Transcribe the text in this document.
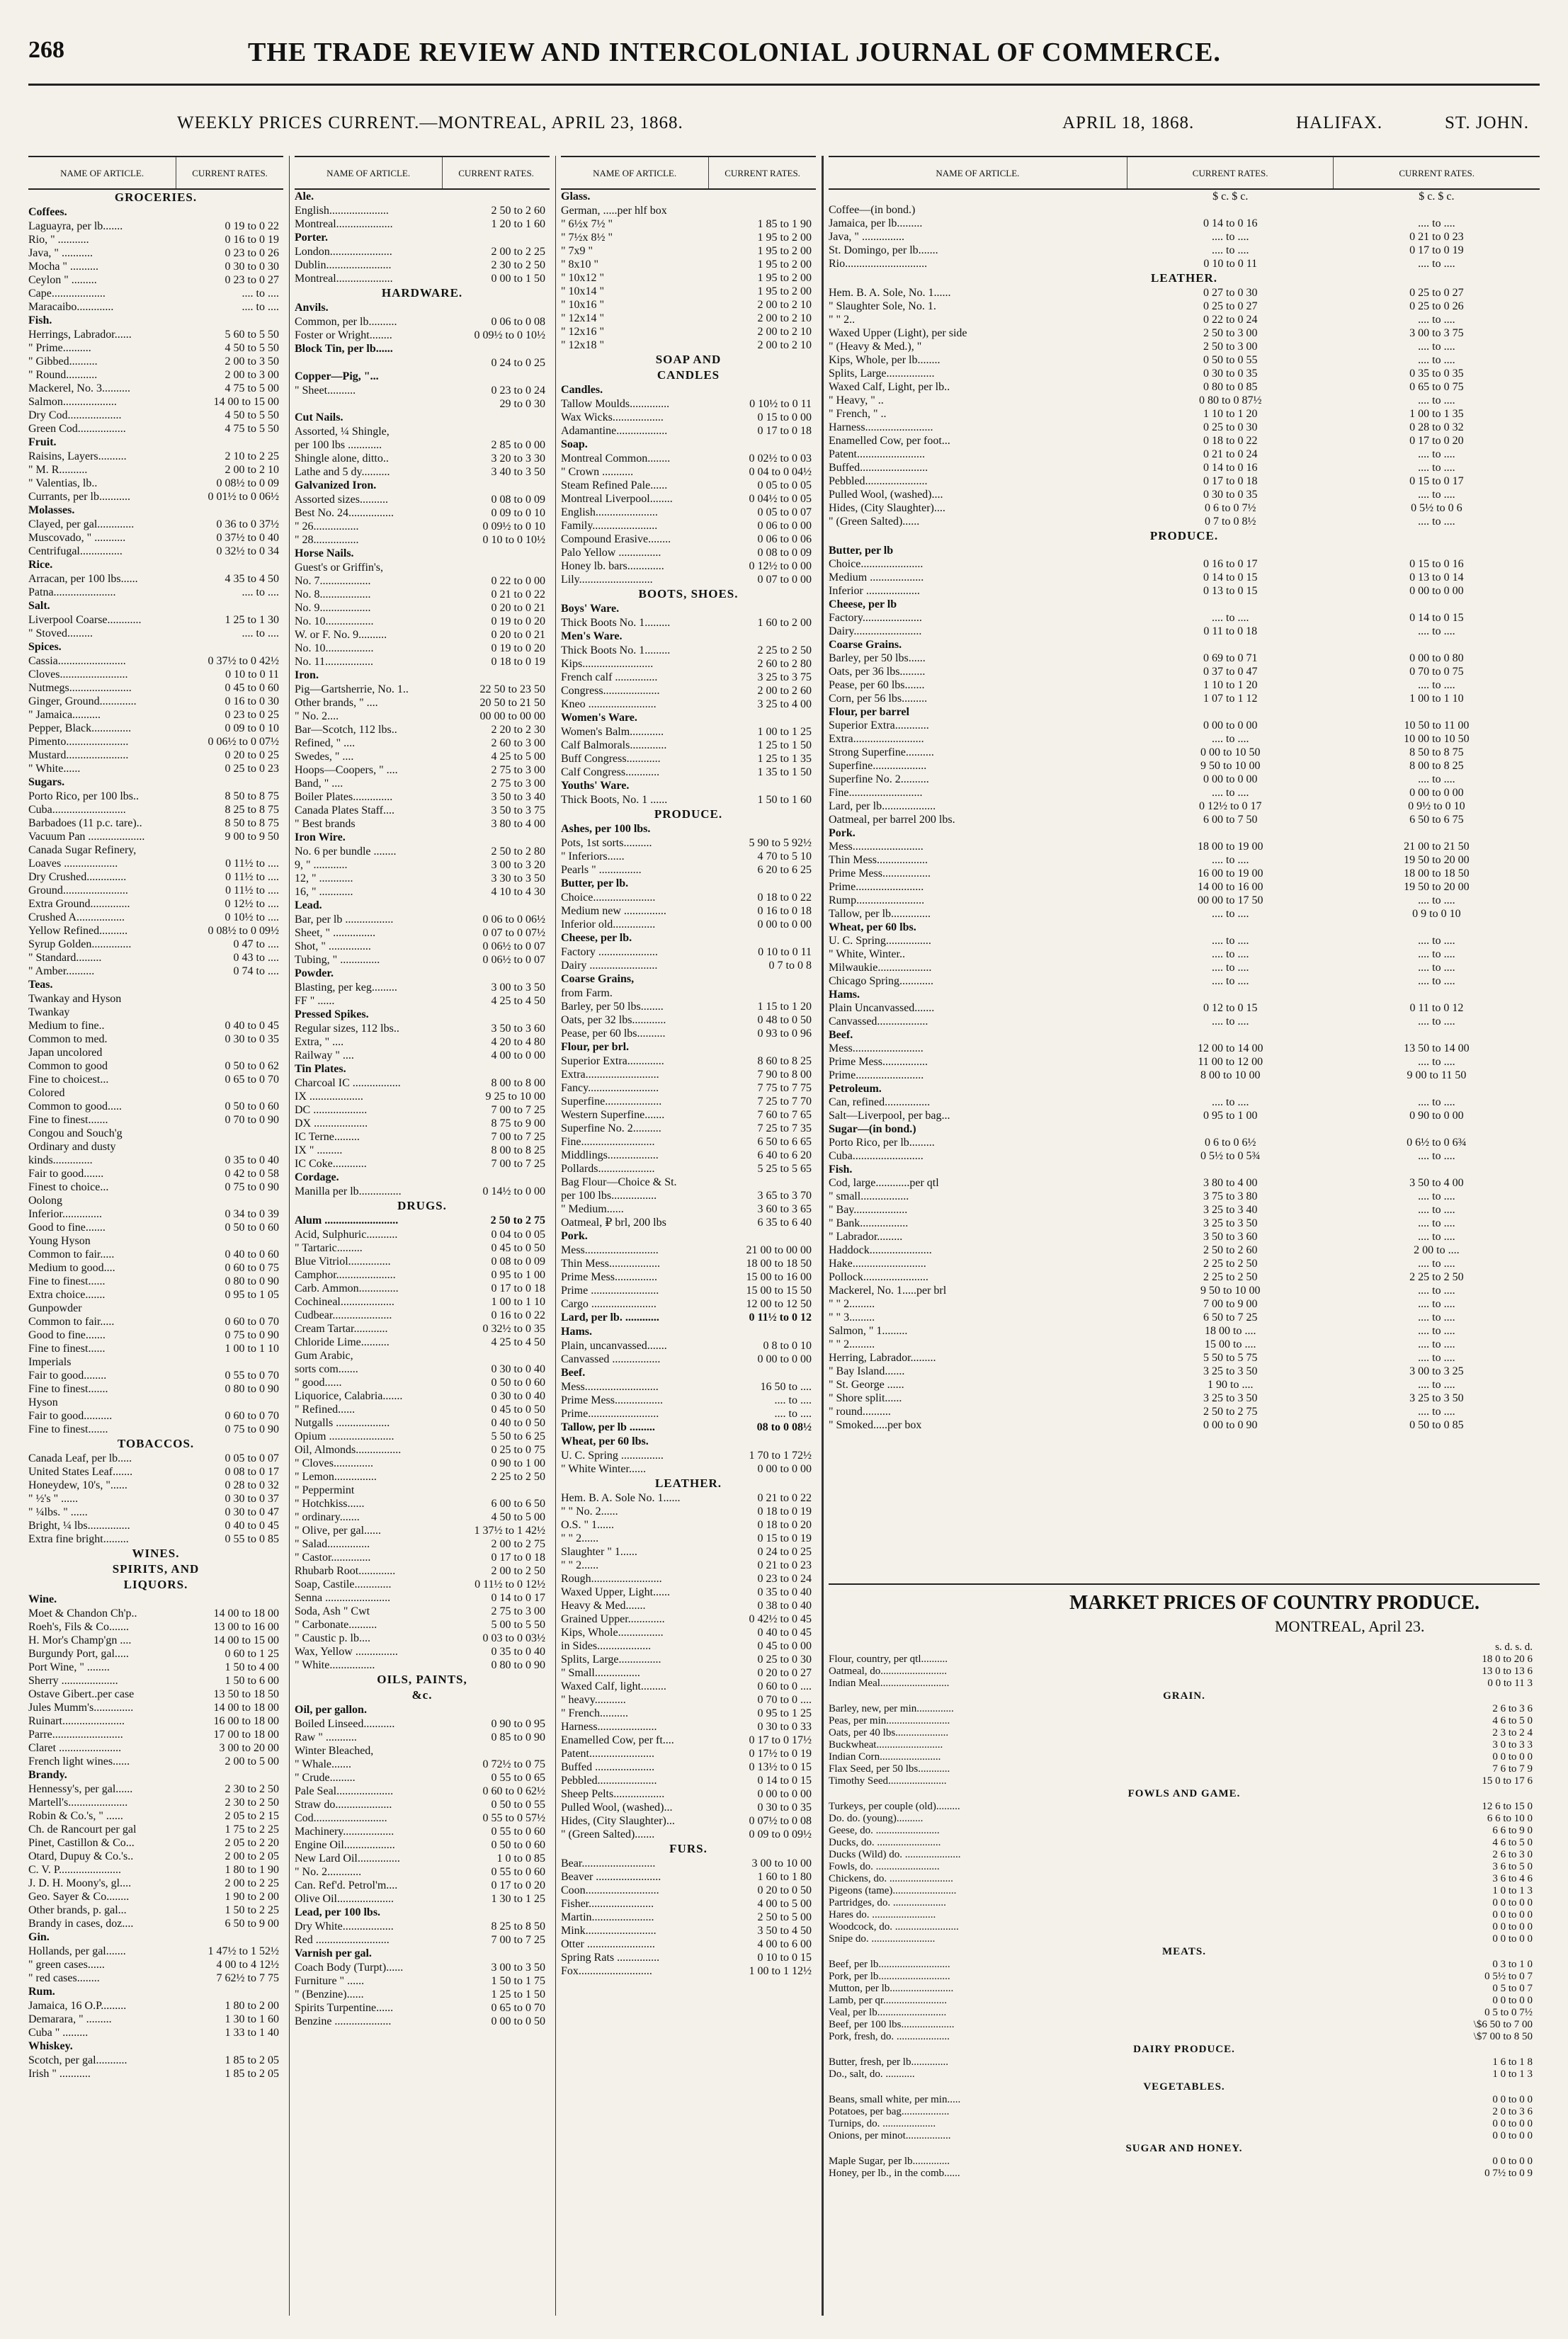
268	THE TRADE REVIEW AND INTERCOLONIAL JOURNAL OF COMMERCE.
WEEKLY PRICES CURRENT.—MONTREAL, APRIL 23, 1868.	APRIL 18, 1868.	HALIFAX.	ST. JOHN.
NAME OF ARTICLE.	CURRENT RATES.
GROCERIES.
Coffees.
Laguayra, per lb.......	0 19 to 0 22
Rio, " ...........	0 16 to 0 19
Java, " ...........	0 23 to 0 26
Mocha " ..........	0 30 to 0 30
Ceylon " .........	0 23 to 0 27
Cape...................	.... to ....
Maracaibo.............	.... to ....
Fish.
Herrings, Labrador......	5 60 to 5 50
" Prime..........	4 50 to 5 50
" Gibbed..........	2 00 to 3 50
" Round...........	2 00 to 3 00
Mackerel, No. 3..........	4 75 to 5 00
Salmon...................	14 00 to 15 00
Dry Cod...................	4 50 to 5 50
Green Cod.................	4 75 to 5 50
Fruit.
Raisins, Layers..........	2 10 to 2 25
" M. R..........	2 00 to 2 10
" Valentias, lb..	0 08½ to 0 09
Currants, per lb...........	0 01½ to 0 06½
Molasses.
Clayed, per gal.............	0 36 to 0 37½
Muscovado, " ...........	0 37½ to 0 40
Centrifugal...............	0 32½ to 0 34
Rice.
Arracan, per 100 lbs......	4 35 to 4 50
Patna......................	.... to ....
Salt.
Liverpool Coarse............	1 25 to 1 30
" Stoved.........	.... to ....
Spices.
Cassia........................	0 37½ to 0 42½
Cloves........................	0 10 to 0 11
Nutmegs......................	0 45 to 0 60
Ginger, Ground.............	0 16 to 0 30
" Jamaica..........	0 23 to 0 25
Pepper, Black..............	0 09 to 0 10
Pimento......................	0 06½ to 0 07½
Mustard......................	0 20 to 0 25
" White......	0 25 to 0 23
Sugars.
Porto Rico, per 100 lbs..	8 50 to 8 75
Cuba..........................	8 25 to 8 75
Barbadoes (11 p.c. tare)..	8 50 to 8 75
Vacuum Pan ....................	9 00 to 9 50
Canada Sugar Refinery,
Loaves ...................	0 11½ to ....
Dry Crushed..............	0 11½ to ....
Ground.......................	0 11½ to ....
Extra Ground..............	0 12½ to ....
Crushed A.................	0 10½ to ....
Yellow Refined..........	0 08½ to 0 09½
Syrup Golden..............	0 47 to ....
" Standard.........	0 43 to ....
" Amber..........	0 74 to ....
Teas.
Twankay and Hyson
Twankay
Medium to fine..	0 40 to 0 45
Common to med.	0 30 to 0 35
Japan uncolored
Common to good	0 50 to 0 62
Fine to choicest...	0 65 to 0 70
Colored
Common to good.....	0 50 to 0 60
Fine to finest.......	0 70 to 0 90
Congou and Souch'g
Ordinary and dusty
kinds..............	0 35 to 0 40
Fair to good.......	0 42 to 0 58
Finest to choice...	0 75 to 0 90
Oolong
Inferior..............	0 34 to 0 39
Good to fine.......	0 50 to 0 60
Young Hyson
Common to fair.....	0 40 to 0 60
Medium to good....	0 60 to 0 75
Fine to finest......	0 80 to 0 90
Extra choice.......	0 95 to 1 05
Gunpowder
Common to fair.....	0 60 to 0 70
Good to fine.......	0 75 to 0 90
Fine to finest......	1 00 to 1 10
Imperials
Fair to good........	0 55 to 0 70
Fine to finest.......	0 80 to 0 90
Hyson
Fair to good..........	0 60 to 0 70
Fine to finest.......	0 75 to 0 90
TOBACCOS.
Canada Leaf, per lb.....	0 05 to 0 07
United States Leaf.......	0 08 to 0 17
Honeydew, 10's, "......	0 28 to 0 32
" ½'s " ......	0 30 to 0 37
" ¼lbs. " ......	0 30 to 0 47
Bright, ¼ lbs...............	0 40 to 0 45
Extra fine bright.........	0 55 to 0 85
WINES.
SPIRITS, AND
LIQUORS.
Wine.
Moet & Chandon Ch'p..	14 00 to 18 00
Roeh's, Fils & Co.......	13 00 to 16 00
H. Mor's Champ'gn ....	14 00 to 15 00
Burgundy Port, gal.....	0 60 to 1 25
Port Wine, " ........	1 50 to 4 00
Sherry ....................	1 50 to 6 00
Ostave Gibert..per case	13 50 to 18 50
Jules Mumm's..............	14 00 to 18 00
Ruinart......................	16 00 to 18 00
Parre.........................	17 00 to 18 00
Claret ......................	3 00 to 20 00
French light wines......	2 00 to 5 00
Brandy.
Hennessy's, per gal......	2 30 to 2 50
Martell's.....................	2 30 to 2 50
Robin & Co.'s, " ......	2 05 to 2 15
Ch. de Rancourt per gal	1 75 to 2 25
Pinet, Castillon & Co...	2 05 to 2 20
Otard, Dupuy & Co.'s..	2 00 to 2 05
C. V. P......................	1 80 to 1 90
J. D. H. Moony's, gl....	2 00 to 2 25
Geo. Sayer & Co........	1 90 to 2 00
Other brands, p. gal...	1 50 to 2 25
Brandy in cases, doz....	6 50 to 9 00
Gin.
Hollands, per gal.......	1 47½ to 1 52½
" green cases......	4 00 to 4 12½
" red cases........	7 62½ to 7 75
Rum.
Jamaica, 16 O.P.........	1 80 to 2 00
Demarara, " .........	1 30 to 1 60
Cuba " .........	1 33 to 1 40
Whiskey.
Scotch, per gal...........	1 85 to 2 05
Irish " ...........	1 85 to 2 05
NAME OF ARTICLE.	CURRENT RATES.
Ale.
English.....................	2 50 to 2 60
Montreal....................	1 20 to 1 60
Porter.
London......................	2 00 to 2 25
Dublin.......................	2 30 to 2 50
Montreal....................	0 00 to 1 50
HARDWARE.
Anvils.
Common, per lb..........	0 06 to 0 08
Foster or Wright........	0 09½ to 0 10½
Block Tin, per lb......
0 24 to 0 25
Copper—Pig, "...
" Sheet..........	0 23 to 0 24
29 to 0 30
Cut Nails.
Assorted, ¼ Shingle,
per 100 lbs ............	2 85 to 0 00
Shingle alone, ditto..	3 20 to 3 30
Lathe and 5 dy..........	3 40 to 3 50
Galvanized Iron.
Assorted sizes..........	0 08 to 0 09
Best No. 24................	0 09 to 0 10
" 26................	0 09½ to 0 10
" 28................	0 10 to 0 10½
Horse Nails.
Guest's or Griffin's,
No. 7..................	0 22 to 0 00
No. 8..................	0 21 to 0 22
No. 9..................	0 20 to 0 21
No. 10.................	0 19 to 0 20
W. or F. No. 9..........	0 20 to 0 21
No. 10.................	0 19 to 0 20
No. 11.................	0 18 to 0 19
Iron.
Pig—Gartsherrie, No. 1..	22 50 to 23 50
Other brands, " ....	20 50 to 21 50
" No. 2....	00 00 to 00 00
Bar—Scotch, 112 lbs..	2 20 to 2 30
Refined, " ....	2 60 to 3 00
Swedes, " ....	4 25 to 5 00
Hoops—Coopers, " ....	2 75 to 3 00
Band, " ....	2 75 to 3 00
Boiler Plates..............	3 50 to 3 40
Canada Plates Staff....	3 50 to 3 75
" Best brands	3 80 to 4 00
Iron Wire.
No. 6 per bundle ........	2 50 to 2 80
9, " ............	3 00 to 3 20
12, " ............	3 30 to 3 50
16, " ............	4 10 to 4 30
Lead.
Bar, per lb .................	0 06 to 0 06½
Sheet, " ...............	0 07 to 0 07½
Shot, " ...............	0 06½ to 0 07
Tubing, " ..............	0 06½ to 0 07
Powder.
Blasting, per keg.........	3 00 to 3 50
FF " ......	4 25 to 4 50
Pressed Spikes.
Regular sizes, 112 lbs..	3 50 to 3 60
Extra, " ....	4 20 to 4 80
Railway " ....	4 00 to 0 00
Tin Plates.
Charcoal IC .................	8 00 to 8 00
IX ...................	9 25 to 10 00
DC ...................	7 00 to 7 25
DX ...................	8 75 to 9 00
IC Terne.........	7 00 to 7 25
IX " .........	8 00 to 8 25
IC Coke............	7 00 to 7 25
Cordage.
Manilla per lb...............	0 14½ to 0 00
DRUGS.
Alum ..........................	2 50 to 2 75
Acid, Sulphuric...........	0 04 to 0 05
" Tartaric.........	0 45 to 0 50
Blue Vitriol...............	0 08 to 0 09
Camphor.....................	0 95 to 1 00
Carb. Ammon..............	0 17 to 0 18
Cochineal...................	1 00 to 1 10
Cudbear.....................	0 16 to 0 22
Cream Tartar............	0 32½ to 0 35
Chloride Lime..........	4 25 to 4 50
Gum Arabic,
sorts com.......	0 30 to 0 40
" good......	0 50 to 0 60
Liquorice, Calabria.......	0 30 to 0 40
" Refined......	0 45 to 0 50
Nutgalls ...................	0 40 to 0 50
Opium .......................	5 50 to 6 25
Oil, Almonds................	0 25 to 0 75
" Cloves..............	0 90 to 1 00
" Lemon...............	2 25 to 2 50
" Peppermint
" Hotchkiss......	6 00 to 6 50
" ordinary.......	4 50 to 5 00
" Olive, per gal......	1 37½ to 1 42½
" Salad...............	2 00 to 2 75
" Castor..............	0 17 to 0 18
Rhubarb Root.............	2 00 to 2 50
Soap, Castile.............	0 11½ to 0 12½
Senna .......................	0 14 to 0 17
Soda, Ash " Cwt	2 75 to 3 00
" Carbonate..........	5 00 to 5 50
" Caustic p. lb....	0 03 to 0 03½
Wax, Yellow ...............	0 35 to 0 40
" White................	0 80 to 0 90
OILS, PAINTS,
&c.
Oil, per gallon.
Boiled Linseed...........	0 90 to 0 95
Raw " ...........	0 85 to 0 90
Winter Bleached,
" Whale.......	0 72½ to 0 75
" Crude.........	0 55 to 0 65
Pale Seal....................	0 60 to 0 62½
Straw do....................	0 50 to 0 55
Cod..........................	0 55 to 0 57½
Machinery..................	0 55 to 0 60
Engine Oil..................	0 50 to 0 60
New Lard Oil...............	1 0 to 0 85
" No. 2............	0 55 to 0 60
Can. Ref'd. Petrol'm....	0 17 to 0 20
Olive Oil....................	1 30 to 1 25
Lead, per 100 lbs.
Dry White..................	8 25 to 8 50
Red ..........................	7 00 to 7 25
Varnish per gal.
Coach Body (Turpt)......	3 00 to 3 50
Furniture " ......	1 50 to 1 75
" (Benzine)......	1 25 to 1 50
Spirits Turpentine......	0 65 to 0 70
Benzine ....................	0 00 to 0 50
NAME OF ARTICLE.	CURRENT RATES.
Glass.
German, .....per hlf box
" 6½x 7½ "	1 85 to 1 90
" 7½x 8½ "	1 95 to 2 00
" 7x9 "	1 95 to 2 00
" 8x10 "	1 95 to 2 00
" 10x12 "	1 95 to 2 00
" 10x14 "	1 95 to 2 00
" 10x16 "	2 00 to 2 10
" 12x14 "	2 00 to 2 10
" 12x16 "	2 00 to 2 10
" 12x18 "	2 00 to 2 10
SOAP AND
CANDLES
Candles.
Tallow Moulds..............	0 10½ to 0 11
Wax Wicks..................	0 15 to 0 00
Adamantine..................	0 17 to 0 18
Soap.
Montreal Common........	0 02½ to 0 03
" Crown ...........	0 04 to 0 04½
Steam Refined Pale......	0 05 to 0 05
Montreal Liverpool........	0 04½ to 0 05
English......................	0 05 to 0 07
Family.......................	0 06 to 0 00
Compound Erasive........	0 06 to 0 06
Palo Yellow ...............	0 08 to 0 09
Honey lb. bars.............	0 12½ to 0 00
Lily..........................	0 07 to 0 00
BOOTS, SHOES.
Boys' Ware.
Thick Boots No. 1.........	1 60 to 2 00
Men's Ware.
Thick Boots No. 1.........	2 25 to 2 50
Kips.........................	2 60 to 2 80
French calf ...............	3 25 to 3 75
Congress....................	2 00 to 2 60
Kneo ........................	3 25 to 4 00
Women's Ware.
Women's Balm............	1 00 to 1 25
Calf Balmorals.............	1 25 to 1 50
Buff Congress............	1 25 to 1 35
Calf Congress............	1 35 to 1 50
Youths' Ware.
Thick Boots, No. 1 ......	1 50 to 1 60
PRODUCE.
Ashes, per 100 lbs.
Pots, 1st sorts..........	5 90 to 5 92½
" Inferiors......	4 70 to 5 10
Pearls " ...............	6 20 to 6 25
Butter, per lb.
Choice......................	0 18 to 0 22
Medium new ...............	0 16 to 0 18
Inferior old...............	0 00 to 0 00
Cheese, per lb.
Factory .....................	0 10 to 0 11
Dairy ........................	0 7 to 0 8
Coarse Grains,
from Farm.
Barley, per 50 lbs........	1 15 to 1 20
Oats, per 32 lbs............	0 48 to 0 50
Pease, per 60 lbs..........	0 93 to 0 96
Flour, per brl.
Superior Extra.............	8 60 to 8 25
Extra..........................	7 90 to 8 00
Fancy.........................	7 75 to 7 75
Superfine....................	7 25 to 7 70
Western Superfine.......	7 60 to 7 65
Superfine No. 2..........	7 25 to 7 35
Fine..........................	6 50 to 6 65
Middlings..................	6 40 to 6 20
Pollards....................	5 25 to 5 65
Bag Flour—Choice & St.
per 100 lbs................	3 65 to 3 70
" Medium......	3 60 to 3 65
Oatmeal, ₽ brl, 200 lbs	6 35 to 6 40
Pork.
Mess..........................	21 00 to 00 00
Thin Mess..................	18 00 to 18 50
Prime Mess...............	15 00 to 16 00
Prime ........................	15 00 to 15 50
Cargo .......................	12 00 to 12 50
Lard, per lb. ............	0 11½ to 0 12
Hams.
Plain, uncanvassed.......	0 8 to 0 10
Canvassed .................	0 00 to 0 00
Beef.
Mess..........................	16 50 to ....
Prime Mess.................	.... to ....
Prime.........................	.... to ....
Tallow, per lb .........	08 to 0 08½
Wheat, per 60 lbs.
U. C. Spring ...............	1 70 to 1 72½
" White Winter......	0 00 to 0 00
LEATHER.
Hem. B. A. Sole No. 1......	0 21 to 0 22
" " No. 2......	0 18 to 0 19
O.S. " 1......	0 18 to 0 20
" " 2......	0 15 to 0 19
Slaughter " 1......	0 24 to 0 25
" " 2......	0 21 to 0 23
Rough.........................	0 23 to 0 24
Waxed Upper, Light......	0 35 to 0 40
Heavy & Med.......	0 38 to 0 40
Grained Upper.............	0 42½ to 0 45
Kips, Whole................	0 40 to 0 45
in Sides...................	0 45 to 0 00
Splits, Large...............	0 25 to 0 30
" Small................	0 20 to 0 27
Waxed Calf, light.........	0 60 to 0 ....
" heavy...........	0 70 to 0 ....
" French..........	0 95 to 1 25
Harness.....................	0 30 to 0 33
Enamelled Cow, per ft....	0 17 to 0 17½
Patent.......................	0 17½ to 0 19
Buffed .....................	0 13½ to 0 15
Pebbled.....................	0 14 to 0 15
Sheep Pelts..................	0 00 to 0 00
Pulled Wool, (washed)...	0 30 to 0 35
Hides, (City Slaughter)...	0 07½ to 0 08
" (Green Salted).......	0 09 to 0 09½
FURS.
Bear..........................	3 00 to 10 00
Beaver .......................	1 60 to 1 80
Coon..........................	0 20 to 0 50
Fisher.......................	4 00 to 5 00
Martin......................	2 50 to 5 00
Mink.........................	3 50 to 4 50
Otter ........................	4 00 to 6 00
Spring Rats ...............	0 10 to 0 15
Fox..........................	1 00 to 1 12½
NAME OF ARTICLE.	CURRENT RATES.	CURRENT RATES.
$ c. $ c.	$ c. $ c.
Coffee—(in bond.)
Jamaica, per lb.........	0 14 to 0 16	.... to ....
Java, " ...............	.... to ....	0 21 to 0 23
St. Domingo, per lb.......	.... to ....	0 17 to 0 19
Rio.............................	0 10 to 0 11	.... to ....
LEATHER.
Hem. B. A. Sole, No. 1......	0 27 to 0 30	0 25 to 0 27
" Slaughter Sole, No. 1.	0 25 to 0 27	0 25 to 0 26
" " 2..	0 22 to 0 24	.... to ....
Waxed Upper (Light), per side	2 50 to 3 00	3 00 to 3 75
" (Heavy & Med.), "	2 50 to 3 00	.... to ....
Kips, Whole, per lb........	0 50 to 0 55	.... to ....
Splits, Large.................	0 30 to 0 35	0 35 to 0 35
Waxed Calf, Light, per lb..	0 80 to 0 85	0 65 to 0 75
" Heavy, " ..	0 80 to 0 87½	.... to ....
" French, " ..	1 10 to 1 20	1 00 to 1 35
Harness........................	0 25 to 0 30	0 28 to 0 32
Enamelled Cow, per foot...	0 18 to 0 22	0 17 to 0 20
Patent........................	0 21 to 0 24	.... to ....
Buffed........................	0 14 to 0 16	.... to ....
Pebbled......................	0 17 to 0 18	0 15 to 0 17
Pulled Wool, (washed)....	0 30 to 0 35	.... to ....
Hides, (City Slaughter)....	0 6 to 0 7½	0 5½ to 0 6
" (Green Salted)......	0 7 to 0 8½	.... to ....
PRODUCE.
Butter, per lb
Choice......................	0 16 to 0 17	0 15 to 0 16
Medium ...................	0 14 to 0 15	0 13 to 0 14
Inferior ...................	0 13 to 0 15	0 00 to 0 00
Cheese, per lb
Factory.....................	.... to ....	0 14 to 0 15
Dairy........................	0 11 to 0 18	.... to ....
Coarse Grains.
Barley, per 50 lbs......	0 69 to 0 71	0 00 to 0 80
Oats, per 36 lbs.........	0 37 to 0 47	0 70 to 0 75
Pease, per 60 lbs.......	1 10 to 1 20	.... to ....
Corn, per 56 lbs.........	1 07 to 1 12	1 00 to 1 10
Flour, per barrel
Superior Extra............	0 00 to 0 00	10 50 to 11 00
Extra.........................	.... to ....	10 00 to 10 50
Strong Superfine..........	0 00 to 10 50	8 50 to 8 75
Superfine...................	9 50 to 10 00	8 00 to 8 25
Superfine No. 2..........	0 00 to 0 00	.... to ....
Fine..........................	.... to ....	0 00 to 0 00
Lard, per lb...................	0 12½ to 0 17	0 9½ to 0 10
Oatmeal, per barrel 200 lbs.	6 00 to 7 50	6 50 to 6 75
Pork.
Mess.........................	18 00 to 19 00	21 00 to 21 50
Thin Mess..................	.... to ....	19 50 to 20 00
Prime Mess.................	16 00 to 19 00	18 00 to 18 50
Prime........................	14 00 to 16 00	19 50 to 20 00
Rump........................	00 00 to 17 50	.... to ....
Tallow, per lb..............	.... to ....	0 9 to 0 10
Wheat, per 60 lbs.
U. C. Spring................	.... to ....	.... to ....
" White, Winter..	.... to ....	.... to ....
Milwaukie...................	.... to ....	.... to ....
Chicago Spring............	.... to ....	.... to ....
Hams.
Plain Uncanvassed.......	0 12 to 0 15	0 11 to 0 12
Canvassed..................	.... to ....	.... to ....
Beef.
Mess.........................	12 00 to 14 00	13 50 to 14 00
Prime Mess................	11 00 to 12 00	.... to ....
Prime........................	8 00 to 10 00	9 00 to 11 50
Petroleum.
Can, refined................	.... to ....	.... to ....
Salt—Liverpool, per bag...	0 95 to 1 00	0 90 to 0 00
Sugar—(in bond.)
Porto Rico, per lb.........	0 6 to 0 6½	0 6½ to 0 6¾
Cuba.........................	0 5½ to 0 5¾	.... to ....
Fish.
Cod, large............per qtl	3 80 to 4 00	3 50 to 4 00
" small.................	3 75 to 3 80	.... to ....
" Bay...................	3 25 to 3 40	.... to ....
" Bank.................	3 25 to 3 50	.... to ....
" Labrador.........	3 50 to 3 60	.... to ....
Haddock......................	2 50 to 2 60	2 00 to ....
Hake..........................	2 25 to 2 50	.... to ....
Pollock.......................	2 25 to 2 50	2 25 to 2 50
Mackerel, No. 1.....per brl	9 50 to 10 00	.... to ....
" " 2.........	7 00 to 9 00	.... to ....
" " 3.........	6 50 to 7 25	.... to ....
Salmon, " 1.........	18 00 to ....	.... to ....
" " 2.........	15 00 to ....	.... to ....
Herring, Labrador.........	5 50 to 5 75	.... to ....
" Bay Island.......	3 25 to 3 50	3 00 to 3 25
" St. George ......	1 90 to ....	.... to ....
" Shore split......	3 25 to 3 50	3 25 to 3 50
" round..........	2 50 to 2 75	.... to ....
" Smoked.....per box	0 00 to 0 90	0 50 to 0 85
MARKET PRICES OF COUNTRY PRODUCE.
MONTREAL, April 23.
s. d. s. d.
Flour, country, per qtl..........	18 0 to 20 6
Oatmeal, do.........................	13 0 to 13 6
Indian Meal..........................	0 0 to 11 3
GRAIN.
Barley, new, per min..............	2 6 to 3 6
Peas, per min........................	4 6 to 5 0
Oats, per 40 lbs....................	2 3 to 2 4
Buckwheat.........................	3 0 to 3 3
Indian Corn.......................	0 0 to 0 0
Flax Seed, per 50 lbs............	7 6 to 7 9
Timothy Seed......................	15 0 to 17 6
FOWLS AND GAME.
Turkeys, per couple (old).........	12 6 to 15 0
Do. do. (young)..........	6 6 to 10 0
Geese, do. ........................	6 6 to 9 0
Ducks, do. ........................	4 6 to 5 0
Ducks (Wild) do. .....................	2 6 to 3 0
Fowls, do. ........................	3 6 to 5 0
Chickens, do. ........................	3 6 to 4 6
Pigeons (tame)........................	1 0 to 1 3
Partridges, do. ....................	0 0 to 0 0
Hares do. ........................	0 0 to 0 0
Woodcock, do. ........................	0 0 to 0 0
Snipe do. ........................	0 0 to 0 0
MEATS.
Beef, per lb...........................	0 3 to 1 0
Pork, per lb...........................	0 5½ to 0 7
Mutton, per lb........................	0 5 to 0 7
Lamb, per qr........................	0 0 to 0 0
Veal, per lb..........................	0 5 to 0 7½
Beef, per 100 lbs....................	\$6 50 to 7 00
Pork, fresh, do. ....................	\$7 00 to 8 50
DAIRY PRODUCE.
Butter, fresh, per lb..............	1 6 to 1 8
Do., salt, do. ...........	1 0 to 1 3
VEGETABLES.
Beans, small white, per min.....	0 0 to 0 0
Potatoes, per bag..................	2 0 to 3 6
Turnips, do. ....................	0 0 to 0 0
Onions, per minot.................	0 0 to 0 0
SUGAR AND HONEY.
Maple Sugar, per lb..............	0 0 to 0 0
Honey, per lb., in the comb......	0 7½ to 0 9
